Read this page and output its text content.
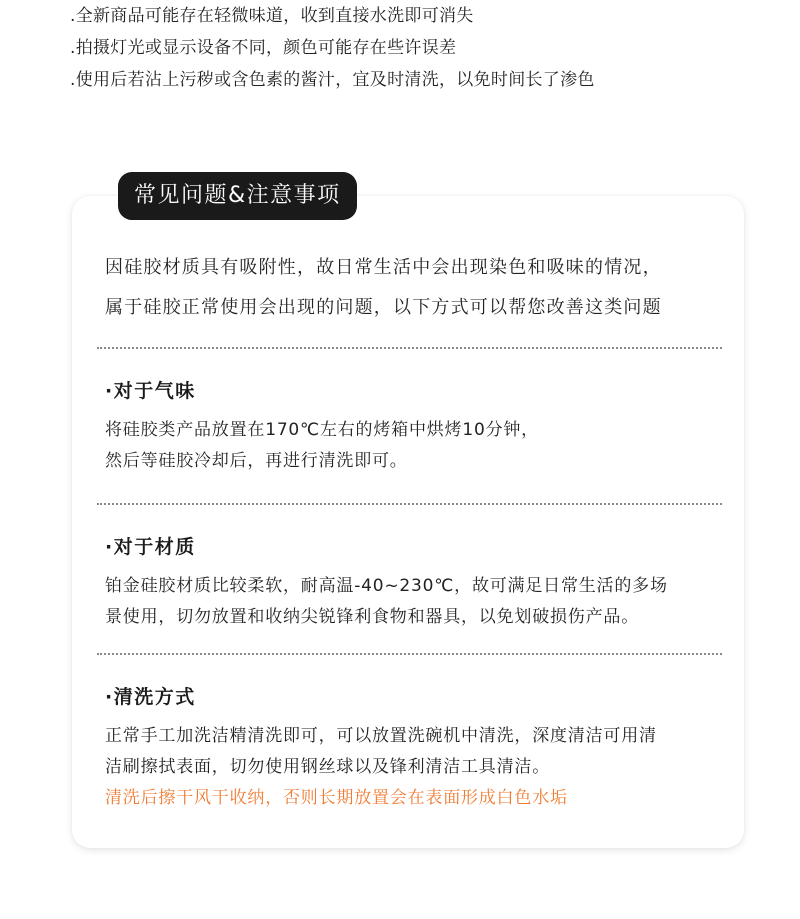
.全新商品可能存在轻微味道，收到直接水洗即可消失
.拍摄灯光或显示设备不同，颜色可能存在些许误差
.使用后若沾上污秽或含色素的酱汁，宜及时清洗，以免时间长了渗色
因硅胶材质具有吸附性，故日常生活中会出现染色和吸味的情况，
属于硅胶正常使用会出现的问题，以下方式可以帮您改善这类问题
·对于气味
将硅胶类产品放置在170℃左右的烤箱中烘烤10分钟，
然后等硅胶冷却后，再进行清洗即可。
·对于材质
铂金硅胶材质比较柔软，耐高温-40~230℃，故可满足日常生活的多场
景使用，切勿放置和收纳尖锐锋利食物和器具，以免划破损伤产品。
·清洗方式
正常手工加洗洁精清洗即可，可以放置洗碗机中清洗，深度清洁可用清
洁刷擦拭表面，切勿使用钢丝球以及锋利清洁工具清洁。
清洗后擦干风干收纳，否则长期放置会在表面形成白色水垢
常见问题&注意事项
